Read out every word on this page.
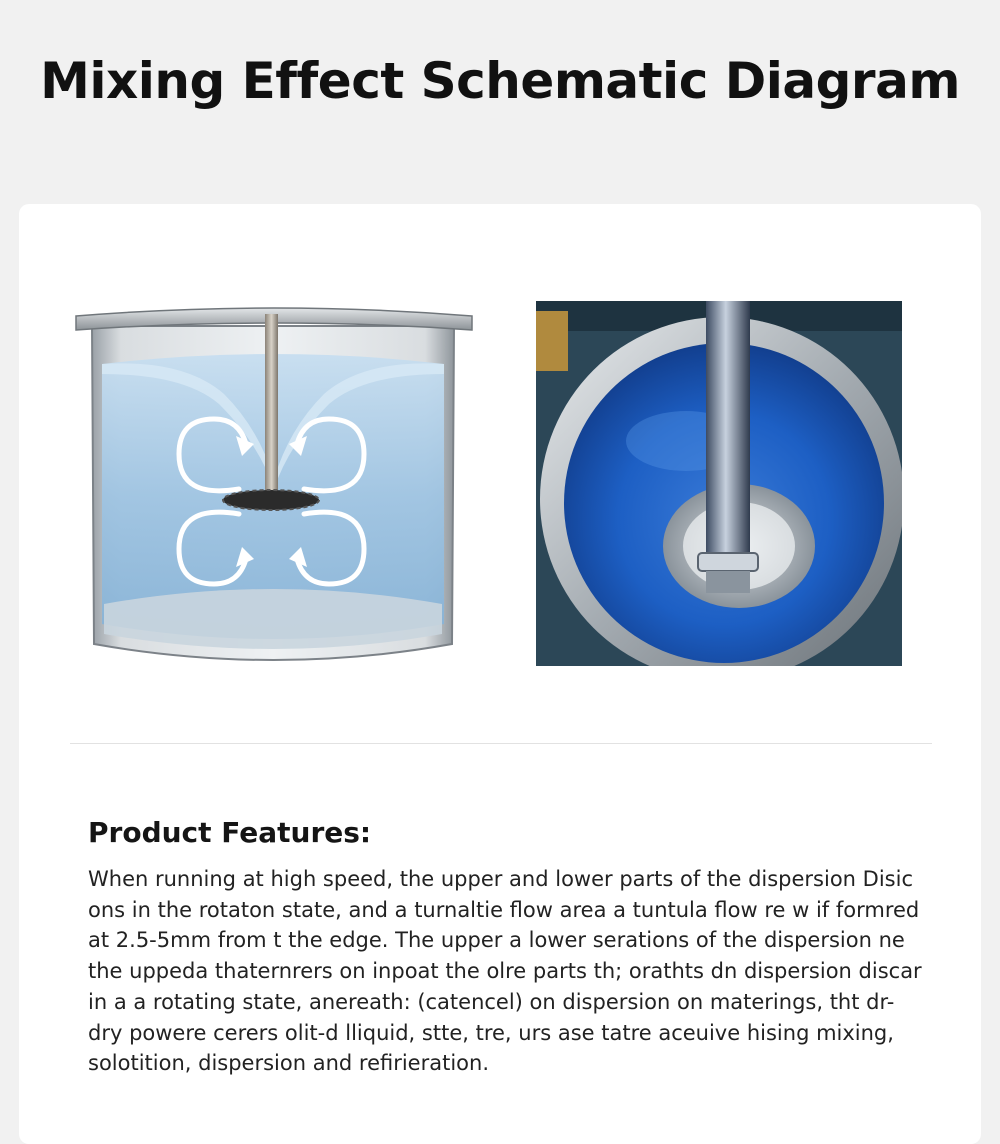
Mixing Effect Schematic Diagram
Product Features:

When running at high speed, the upper and lower parts of the dispersion Disic
ons in the rotaton state, and a turnaltie flow area a tuntula flow re w if formred
at 2.5-5mm from t the edge. The upper a lower serations of the dispersion ne
the uppeda thaternrers on inpoat the olre parts th; orathts dn dispersion discar
in a a rotating state, anereath: (catencel) on dispersion on materings, tht dr-
dry powere cerers olit-d lliquid, stte, tre, urs ase tatre aceuive hising mixing,
solotition, dispersion and refirieration.
